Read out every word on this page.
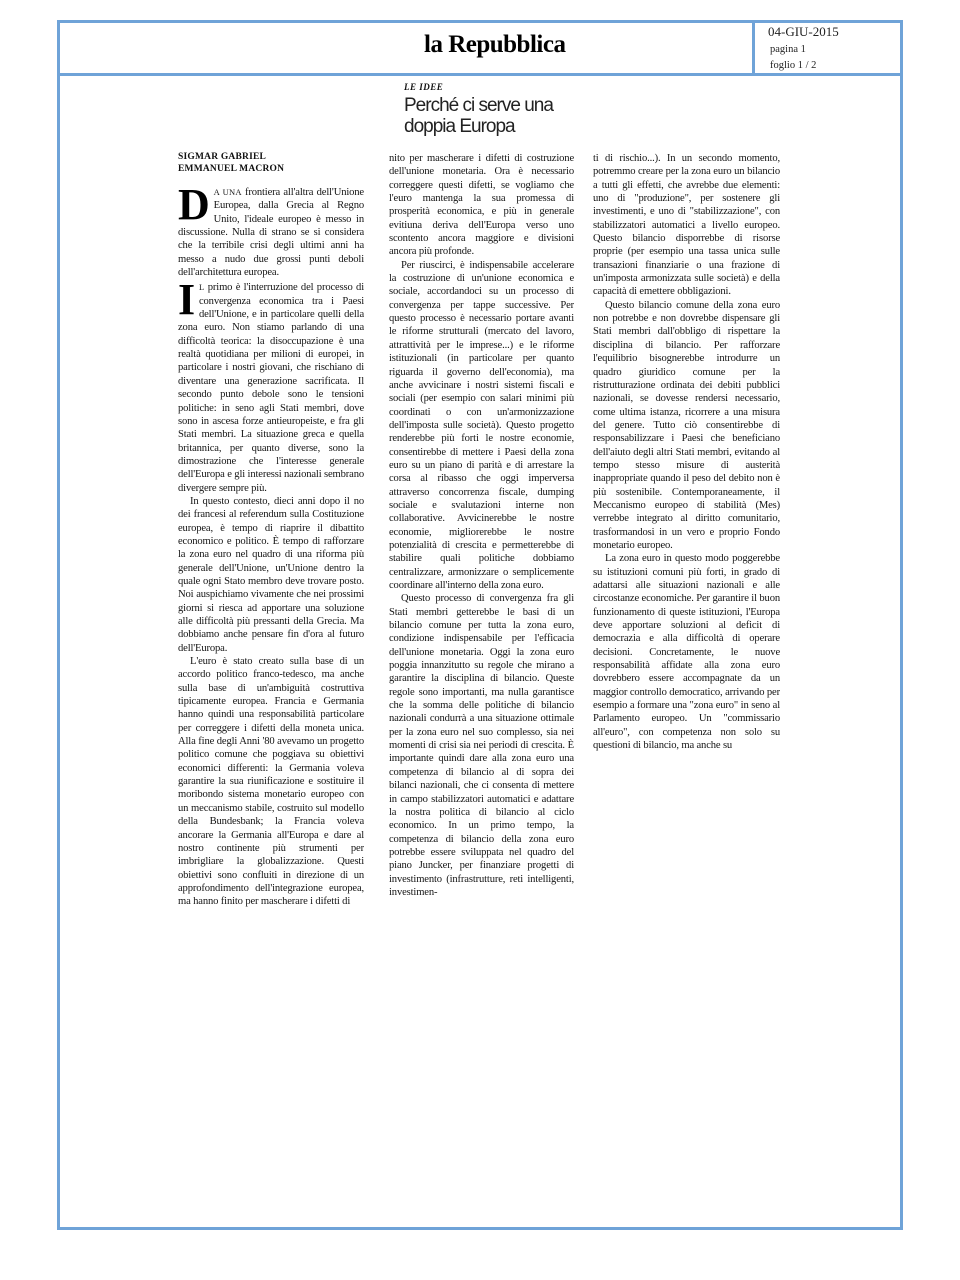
la Repubblica	04-GIU-2015
pagina 1
foglio 1 / 2
LE IDEE
Perché ci serve una doppia Europa
SIGMAR GABRIEL
EMMANUEL MACRON

DA UNA frontiera all'altra dell'Unione Europea, dalla Grecia al Regno Unito, l'ideale europeo è messo in discussione. Nulla di strano se si considera che la terribile crisi degli ultimi anni ha messo a nudo due grossi punti deboli dell'architettura europea.

IL primo è l'interruzione del processo di convergenza economica tra i Paesi dell'Unione, e in particolare quelli della zona euro. Non stiamo parlando di una difficoltà teorica: la disoccupazione è una realtà quotidiana per milioni di europei, in particolare i nostri giovani, che rischiano di diventare una generazione sacrificata. Il secondo punto debole sono le tensioni politiche: in seno agli Stati membri, dove sono in ascesa forze antieuropeiste, e fra gli Stati membri. La situazione greca e quella britannica, per quanto diverse, sono la dimostrazione che l'interesse generale dell'Europa e gli interessi nazionali sembrano divergere sempre più.

In questo contesto, dieci anni dopo il no dei francesi al referendum sulla Costituzione europea, è tempo di riaprire il dibattito economico e politico. È tempo di rafforzare la zona euro nel quadro di una riforma più generale dell'Unione, un'Unione dentro la quale ogni Stato membro deve trovare posto. Noi auspichiamo vivamente che nei prossimi giorni si riesca ad apportare una soluzione alle difficoltà più pressanti della Grecia. Ma dobbiamo anche pensare fin d'ora al futuro dell'Europa.

L'euro è stato creato sulla base di un accordo politico franco-tedesco, ma anche sulla base di un'ambiguità costruttiva tipicamente europea. Francia e Germania hanno quindi una responsabilità particolare per correggere i difetti della moneta unica. Alla fine degli Anni '80 avevamo un progetto politico comune che poggiava su obiettivi economici differenti: la Germania voleva garantire la sua riunificazione e sostituire il moribondo sistema monetario europeo con un meccanismo stabile, costruito sul modello della Bundesbank; la Francia voleva ancorare la Germania all'Europa e dare al nostro continente più strumenti per imbrigliare la globalizzazione. Questi obiettivi sono confluiti in direzione di un approfondimento dell'integrazione europea, ma hanno finito per mascherare i difetti di

nito per mascherare i difetti di costruzione dell'unione monetaria. Ora è necessario correggere questi difetti, se vogliamo che l'euro mantenga la sua promessa di prosperità economica, e più in generale evitiuna deriva dell'Europa verso uno scontento ancora maggiore e divisioni ancora più profonde.

Per riuscirci, è indispensabile accelerare la costruzione di un'unione economica e sociale, accordandoci su un processo di convergenza per tappe successive. Per questo processo è necessario portare avanti le riforme strutturali (mercato del lavoro, attrattività per le imprese...) e le riforme istituzionali (in particolare per quanto riguarda il governo dell'economia), ma anche avvicinare i nostri sistemi fiscali e sociali (per esempio con salari minimi più coordinati o con un'armonizzazione dell'imposta sulle società). Questo progetto renderebbe più forti le nostre economie, consentirebbe di mettere i Paesi della zona euro su un piano di parità e di arrestare la corsa al ribasso che oggi imperversa attraverso concorrenza fiscale, dumping sociale e svalutazioni interne non collaborative. Avvicinerebbe le nostre economie, migliorerebbe le nostre potenzialità di crescita e permetterebbe di stabilire quali politiche dobbiamo centralizzare, armonizzare o semplicemente coordinare all'interno della zona euro.

Questo processo di convergenza fra gli Stati membri getterebbe le basi di un bilancio comune per tutta la zona euro, condizione indispensabile per l'efficacia dell'unione monetaria. Oggi la zona euro poggia innanzitutto su regole che mirano a garantire la disciplina di bilancio. Queste regole sono importanti, ma nulla garantisce che la somma delle politiche di bilancio nazionali condurrà a una situazione ottimale per la zona euro nel suo complesso, sia nei momenti di crisi sia nei periodi di crescita. È importante quindi dare alla zona euro una competenza di bilancio al di sopra dei bilanci nazionali, che ci consenta di mettere in campo stabilizzatori automatici e adattare la nostra politica di bilancio al ciclo economico. In un primo tempo, la competenza di bilancio della zona euro potrebbe essere sviluppata nel quadro del piano Juncker, per finanziare progetti di investimento (infrastrutture, reti intelligenti, investimen-

ti di rischio...). In un secondo momento, potremmo creare per la zona euro un bilancio a tutti gli effetti, che avrebbe due elementi: uno di "produzione", per sostenere gli investimenti, e uno di "stabilizzazione", con stabilizzatori automatici a livello europeo. Questo bilancio disporrebbe di risorse proprie (per esempio una tassa unica sulle transazioni finanziarie o una frazione di un'imposta armonizzata sulle società) e della capacità di emettere obbligazioni.

Questo bilancio comune della zona euro non potrebbe e non dovrebbe dispensare gli Stati membri dall'obbligo di rispettare la disciplina di bilancio. Per rafforzare l'equilibrio bisognerebbe introdurre un quadro giuridico comune per la ristrutturazione ordinata dei debiti pubblici nazionali, se dovesse rendersi necessario, come ultima istanza, ricorrere a una misura del genere. Tutto ciò consentirebbe di responsabilizzare i Paesi che beneficiano dell'aiuto degli altri Stati membri, evitando al tempo stesso misure di austerità inappropriate quando il peso del debito non è più sostenibile. Contemporaneamente, il Meccanismo europeo di stabilità (Mes) verrebbe integrato al diritto comunitario, trasformandosi in un vero e proprio Fondo monetario europeo.

La zona euro in questo modo poggerebbe su istituzioni comuni più forti, in grado di adattarsi alle situazioni nazionali e alle circostanze economiche. Per garantire il buon funzionamento di queste istituzioni, l'Europa deve apportare soluzioni al deficit di democrazia e alla difficoltà di operare decisioni. Concretamente, le nuove responsabilità affidate alla zona euro dovrebbero essere accompagnate da un maggior controllo democratico, arrivando per esempio a formare una "zona euro" in seno al Parlamento europeo. Un "commissario all'euro", con competenza non solo su questioni di bilancio, ma anche su
